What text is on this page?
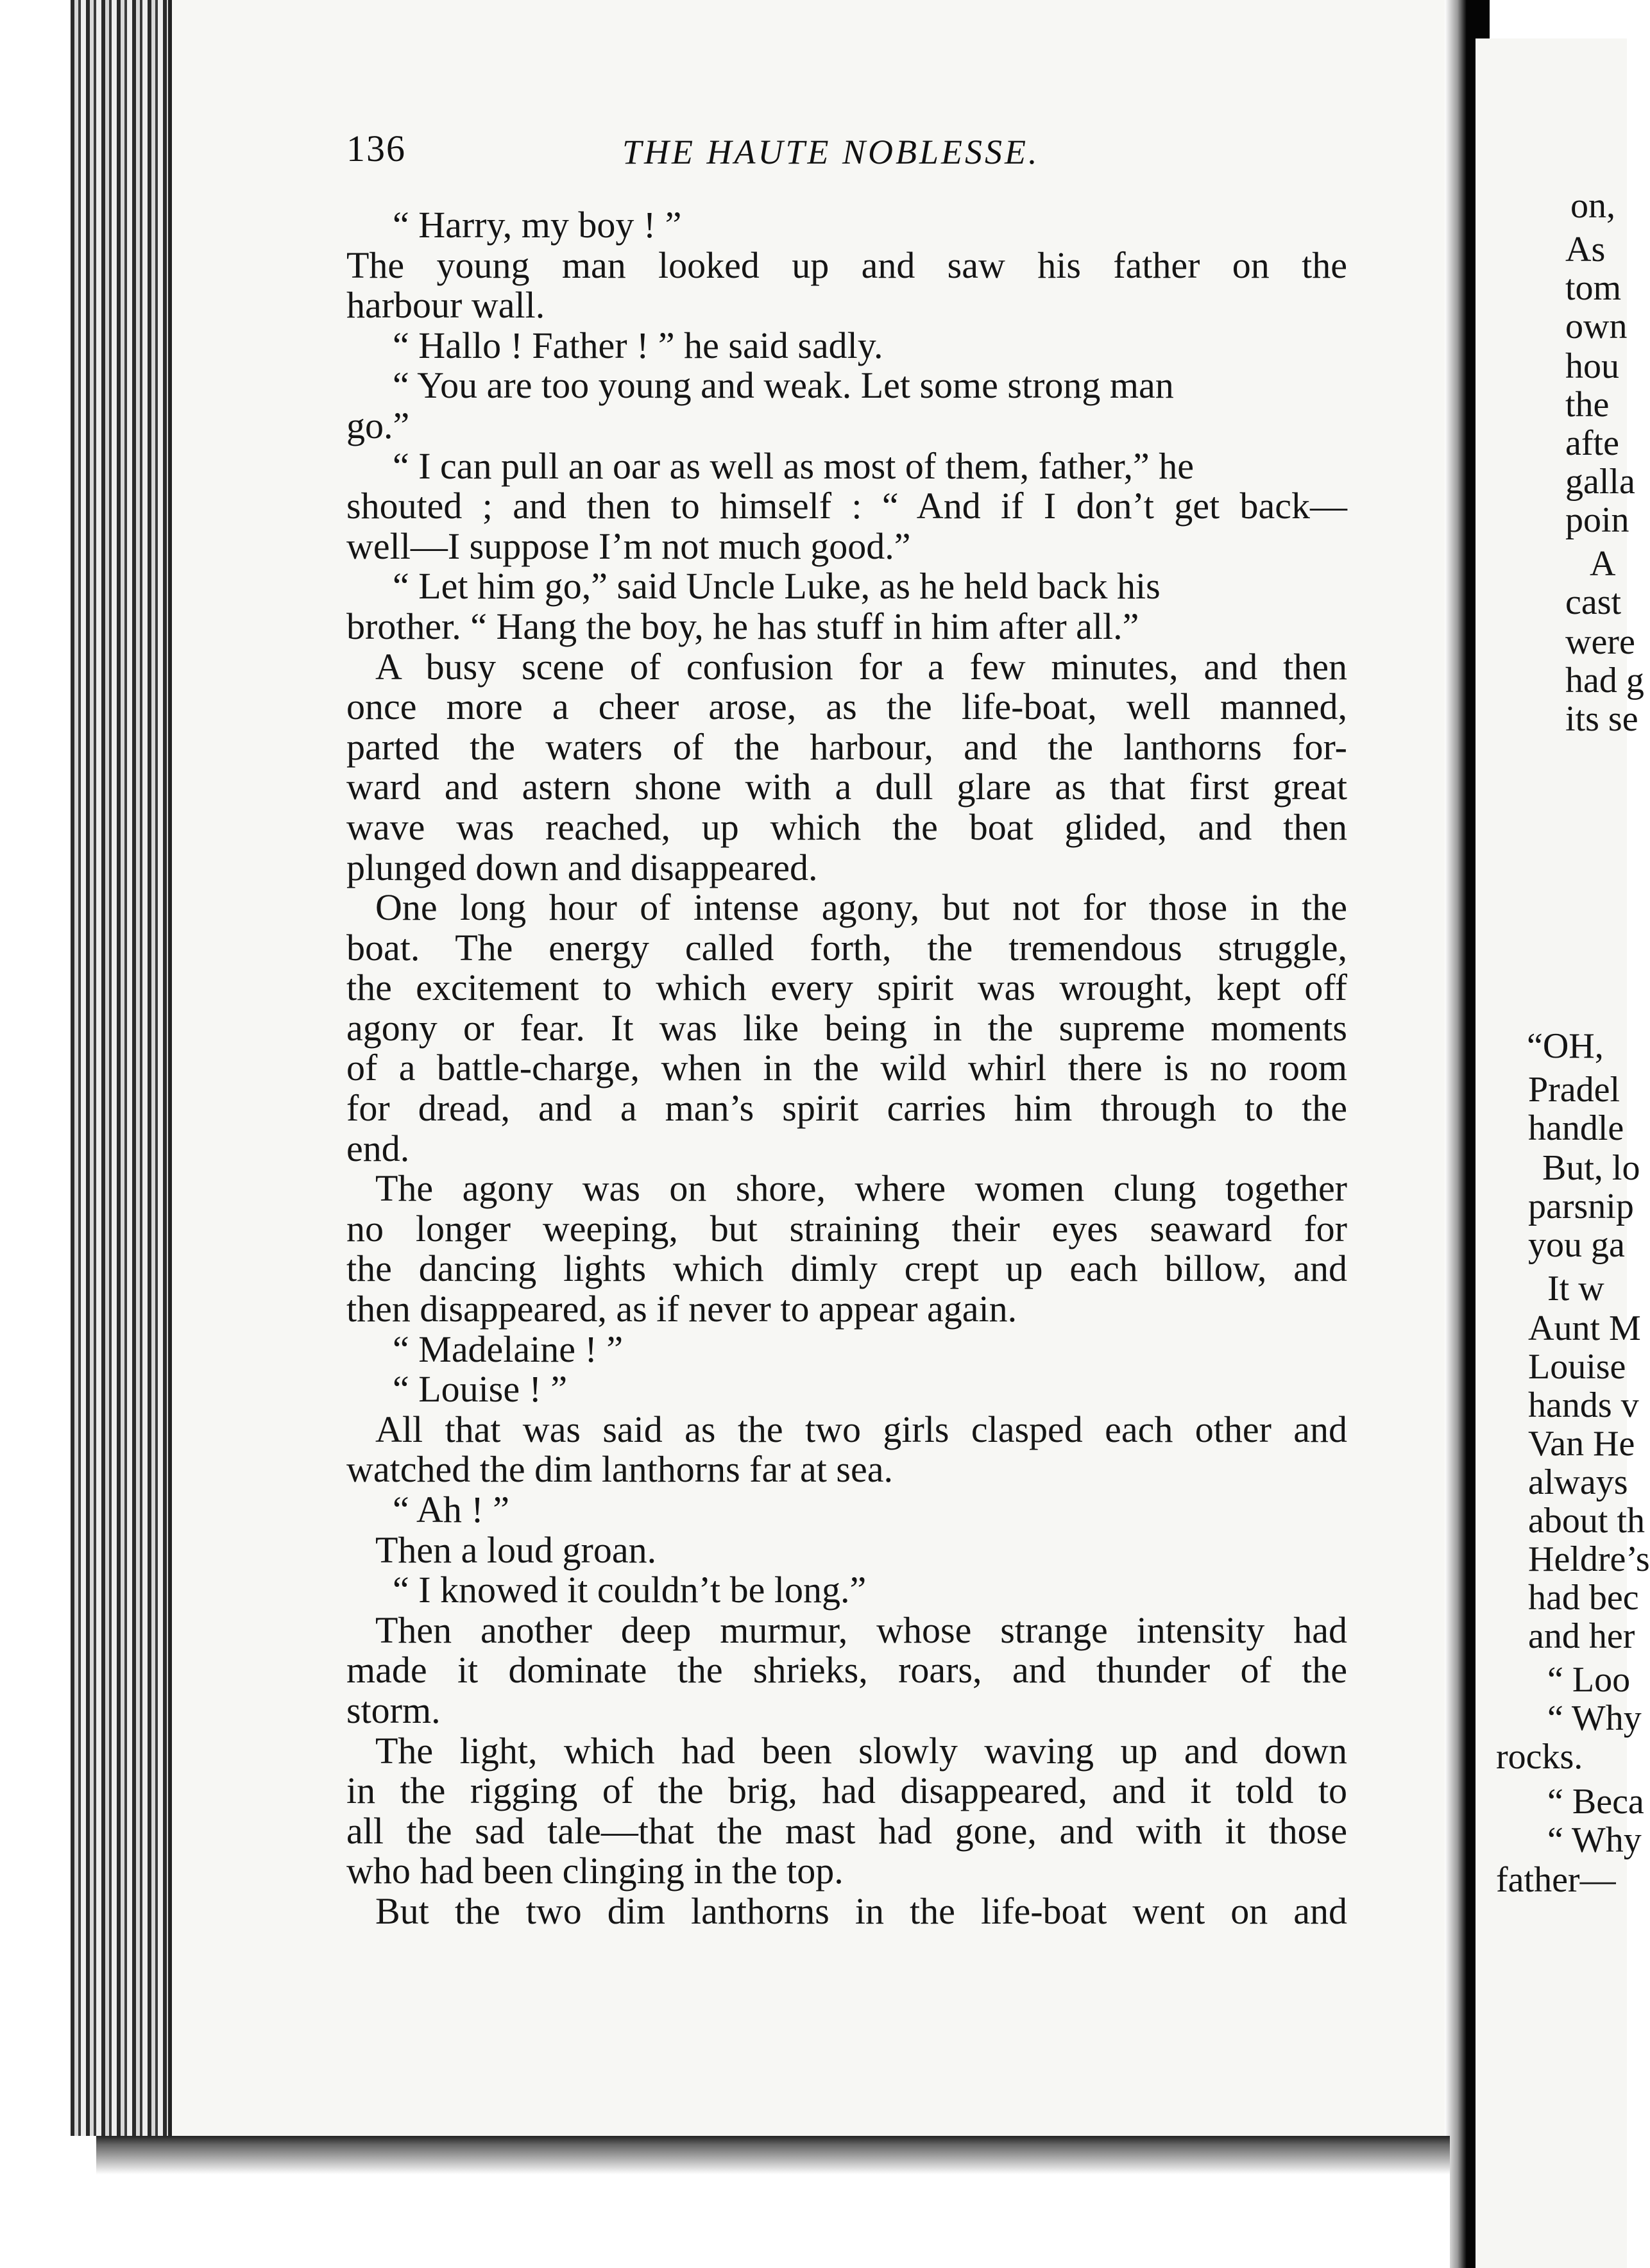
136	THE HAUTE NOBLESSE.
“ Harry, my boy ! ”
The young man looked up and saw his father on the
harbour wall.
“ Hallo ! Father ! ” he said sadly.
“ You are too young and weak. Let some strong man
go.”
“ I can pull an oar as well as most of them, father,” he
shouted ; and then to himself : “ And if I don’t get back—
well—I suppose I’m not much good.”
“ Let him go,” said Uncle Luke, as he held back his
brother. “ Hang the boy, he has stuff in him after all.”
A busy scene of confusion for a few minutes, and then
once more a cheer arose, as the life-boat, well manned,
parted the waters of the harbour, and the lanthorns for-
ward and astern shone with a dull glare as that first great
wave was reached, up which the boat glided, and then
plunged down and disappeared.
One long hour of intense agony, but not for those in the
boat. The energy called forth, the tremendous struggle,
the excitement to which every spirit was wrought, kept off
agony or fear. It was like being in the supreme moments
of a battle-charge, when in the wild whirl there is no room
for dread, and a man’s spirit carries him through to the
end.
The agony was on shore, where women clung together
no longer weeping, but straining their eyes seaward for
the dancing lights which dimly crept up each billow, and
then disappeared, as if never to appear again.
“ Madelaine ! ”
“ Louise ! ”
All that was said as the two girls clasped each other and
watched the dim lanthorns far at sea.
“ Ah ! ”
Then a loud groan.
“ I knowed it couldn’t be long.”
Then another deep murmur, whose strange intensity had
made it dominate the shrieks, roars, and thunder of the
storm.
The light, which had been slowly waving up and down
in the rigging of the brig, had disappeared, and it told to
all the sad tale—that the mast had gone, and with it those
who had been clinging in the top.
But the two dim lanthorns in the life-boat went on and
on,
As
tom
own
hou
the
afte
galla
poin
A
cast
were
had g
its se
“OH,
Pradel
handle
But, lo
parsnip
you ga
It w
Aunt M
Louise
hands v
Van He
always
about th
Heldre’s
had bec
and her
“ Loo
“ Why
rocks.
“ Beca
“ Why
father—
